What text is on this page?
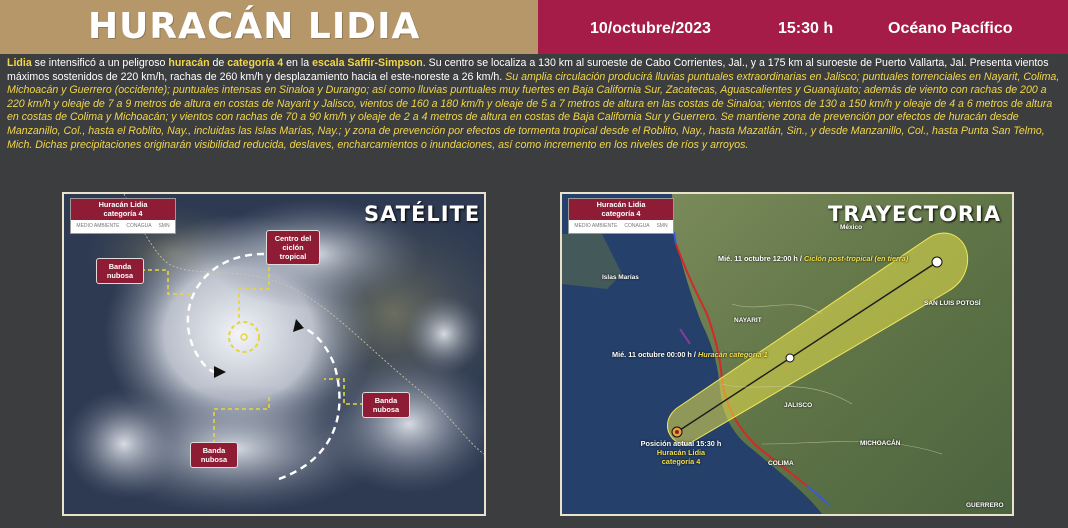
HURACÁN LIDIA	10/octubre/2023	15:30 h	Océano Pacífico
Lidia se intensificó a un peligroso huracán de categoría 4 en la escala Saffir-Simpson. Su centro se localiza a 130 km al suroeste de Cabo Corrientes, Jal., y a 175 km al suroeste de Puerto Vallarta, Jal. Presenta vientos máximos sostenidos de 220 km/h, rachas de 260 km/h y desplazamiento hacia el este-noreste a 26 km/h. Su amplia circulación producirá lluvias puntuales extraordinarias en Jalisco; puntuales torrenciales en Nayarit, Colima, Michoacán y Guerrero (occidente); puntuales intensas en Sinaloa y Durango; así como lluvias puntuales muy fuertes en Baja California Sur, Zacatecas, Aguascalientes y Guanajuato; además de viento con rachas de 200 a 220 km/h y oleaje de 7 a 9 metros de altura en costas de Nayarit y Jalisco, vientos de 160 a 180 km/h y oleaje de 5 a 7 metros de altura en las costas de Sinaloa; vientos de 130 a 150 km/h y oleaje de 4 a 6 metros de altura en costas de Colima y Michoacán; y vientos con rachas de 70 a 90 km/h y oleaje de 2 a 4 metros de altura en costas de Baja California Sur y Guerrero. Se mantiene zona de prevención por efectos de huracán desde Manzanillo, Col., hasta el Roblito, Nay., incluidas las Islas Marías, Nay.; y zona de prevención por efectos de tormenta tropical desde el Roblito, Nay., hasta Mazatlán, Sin., y desde Manzanillo, Col., hasta Punta San Telmo, Mich. Dichas precipitaciones originarán visibilidad reducida, deslaves, encharcamientos o inundaciones, así como incremento en los niveles de ríos y arroyos.
Huracán Lidia
categoría 4
MEDIO AMBIENTE CONAGUA SMN	SATÉLITE
Banda nubosa
Centro del ciclón tropical
Banda nubosa
Banda nubosa
Huracán Lidia
categoría 4
MEDIO AMBIENTE CONAGUA SMN	TRAYECTORIA
México
SAN LUIS POTOSÍ
NAYARIT
JALISCO
COLIMA
MICHOACÁN
GUERRERO
Islas Marías
Mié. 11 octubre 12:00 h / Ciclón post-tropical (en tierra)
Mié. 11 octubre 00:00 h / Huracán categoría 1
Posición actual 15:30 h
Huracán Lidia
categoría 4
